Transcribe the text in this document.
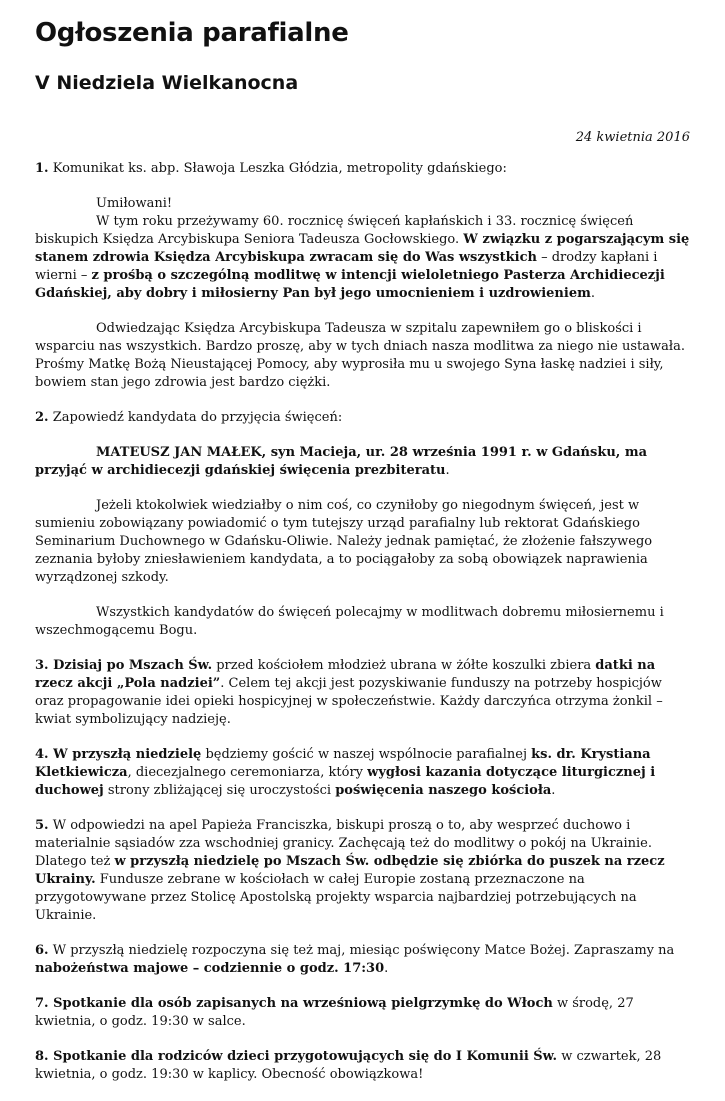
Ogłoszenia parafialne
V Niedziela Wielkanocna
24 kwietnia 2016

1. Komunikat ks. abp. Sławoja Leszka Głódzia, metropolity gdańskiego:

Umiłowani!

W tym roku przeżywamy 60. rocznicę święceń kapłańskich i 33. rocznicę święceń biskupich Księdza Arcybiskupa Seniora Tadeusza Gocłowskiego. W związku z pogarszającym się stanem zdrowia Księdza Arcybiskupa zwracam się do Was wszystkich – drodzy kapłani i wierni – z prośbą o szczególną modlitwę w intencji wieloletniego Pasterza Archidiecezji Gdańskiej, aby dobry i miłosierny Pan był jego umocnieniem i uzdrowieniem.

Odwiedzając Księdza Arcybiskupa Tadeusza w szpitalu zapewniłem go o bliskości i wsparciu nas wszystkich. Bardzo proszę, aby w tych dniach nasza modlitwa za niego nie ustawała. Prośmy Matkę Bożą Nieustającej Pomocy, aby wyprosiła mu u swojego Syna łaskę nadziei i siły, bowiem stan jego zdrowia jest bardzo ciężki.

2. Zapowiedź kandydata do przyjęcia święceń:

MATEUSZ JAN MAŁEK, syn Macieja, ur. 28 września 1991 r. w Gdańsku, ma przyjąć w archidiecezji gdańskiej święcenia prezbiteratu.

Jeżeli ktokolwiek wiedziałby o nim coś, co czyniłoby go niegodnym święceń, jest w sumieniu zobowiązany powiadomić o tym tutejszy urząd parafialny lub rektorat Gdańskiego Seminarium Duchownego w Gdańsku-Oliwie. Należy jednak pamiętać, że złożenie fałszywego zeznania byłoby zniesławieniem kandydata, a to pociągałoby za sobą obowiązek naprawienia wyrządzonej szkody.

Wszystkich kandydatów do święceń polecajmy w modlitwach dobremu miłosiernemu i wszechmogącemu Bogu.

3. Dzisiaj po Mszach Św. przed kościołem młodzież ubrana w żółte koszulki zbiera datki na rzecz akcji „Pola nadziei”. Celem tej akcji jest pozyskiwanie funduszy na potrzeby hospicjów oraz propagowanie idei opieki hospicyjnej w społeczeństwie. Każdy darczyńca otrzyma żonkil – kwiat symbolizujący nadzieję.

4. W przyszłą niedzielę będziemy gościć w naszej wspólnocie parafialnej ks. dr. Krystiana Kletkiewicza, diecezjalnego ceremoniarza, który wygłosi kazania dotyczące liturgicznej i duchowej strony zbliżającej się uroczystości poświęcenia naszego kościoła.

5. W odpowiedzi na apel Papieża Franciszka, biskupi proszą o to, aby wesprzeć duchowo i materialnie sąsiadów zza wschodniej granicy. Zachęcają też do modlitwy o pokój na Ukrainie. Dlatego też w przyszłą niedzielę po Mszach Św. odbędzie się zbiórka do puszek na rzecz Ukrainy. Fundusze zebrane w kościołach w całej Europie zostaną przeznaczone na przygotowywane przez Stolicę Apostolską projekty wsparcia najbardziej potrzebujących na Ukrainie.

6. W przyszłą niedzielę rozpoczyna się też maj, miesiąc poświęcony Matce Bożej. Zapraszamy na nabożeństwa majowe – codziennie o godz. 17:30.

7. Spotkanie dla osób zapisanych na wrześniową pielgrzymkę do Włoch w środę, 27 kwietnia, o godz. 19:30 w salce.

8. Spotkanie dla rodziców dzieci przygotowujących się do I Komunii Św. w czwartek, 28 kwietnia, o godz. 19:30 w kaplicy. Obecność obowiązkowa!
